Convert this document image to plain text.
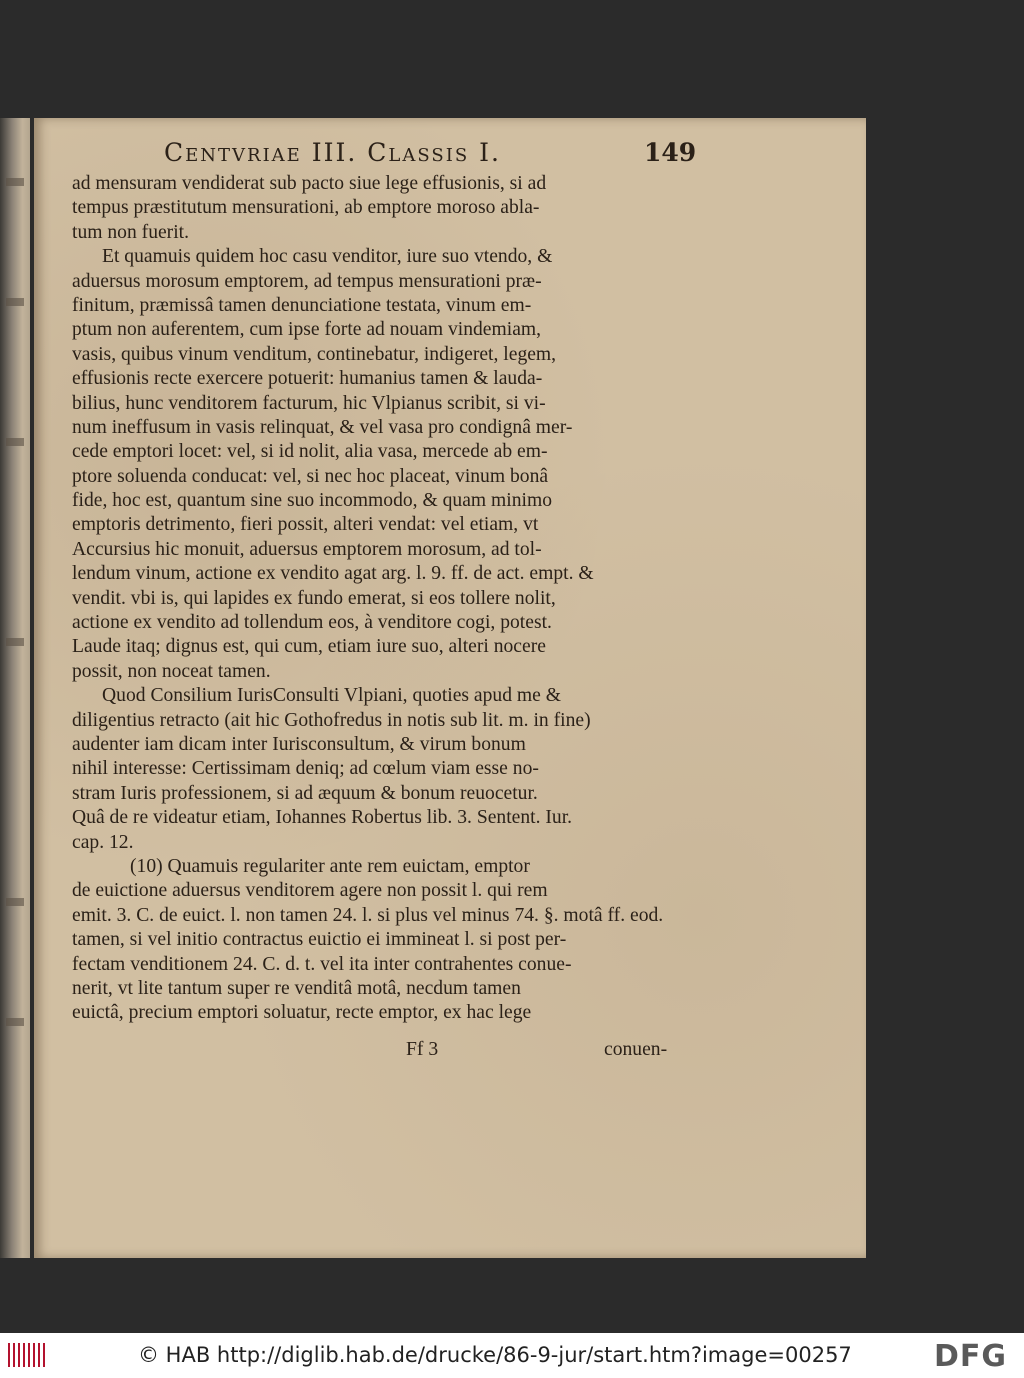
Centvriae III. Classis I.	149
ad mensuram vendiderat sub pacto siue lege effusionis, si ad
tempus præstitutum mensurationi, ab emptore moroso abla-
tum non fuerit.
Et quamuis quidem hoc casu venditor, iure suo vtendo, &
aduersus morosum emptorem, ad tempus mensurationi præ-
finitum, præmissâ tamen denunciatione testata, vinum em-
ptum non auferentem, cum ipse forte ad nouam vindemiam,
vasis, quibus vinum venditum, continebatur, indigeret, legem,
effusionis recte exercere potuerit: humanius tamen & lauda-
bilius, hunc venditorem facturum, hic Vlpianus scribit, si vi-
num ineffusum in vasis relinquat, & vel vasa pro condignâ mer-
cede emptori locet: vel, si id nolit, alia vasa, mercede ab em-
ptore soluenda conducat: vel, si nec hoc placeat, vinum bonâ
fide, hoc est, quantum sine suo incommodo, & quam minimo
emptoris detrimento, fieri possit, alteri vendat: vel etiam, vt
Accursius hic monuit, aduersus emptorem morosum, ad tol-
lendum vinum, actione ex vendito agat arg. l. 9. ff. de act. empt. &
vendit. vbi is, qui lapides ex fundo emerat, si eos tollere nolit,
actione ex vendito ad tollendum eos, à venditore cogi, potest.
Laude itaq; dignus est, qui cum, etiam iure suo, alteri nocere
possit, non noceat tamen.
Quod Consilium IurisConsulti Vlpiani, quoties apud me &
diligentius retracto (ait hic Gothofredus in notis sub lit. m. in fine)
audenter iam dicam inter Iurisconsultum, & virum bonum
nihil interesse: Certissimam deniq; ad cœlum viam esse no-
stram Iuris professionem, si ad æquum & bonum reuocetur.
Quâ de re videatur etiam, Iohannes Robertus lib. 3. Sentent. Iur.
cap. 12.
(10) Quamuis regulariter ante rem euictam, emptor
de euictione aduersus venditorem agere non possit l. qui rem
emit. 3. C. de euict. l. non tamen 24. l. si plus vel minus 74. §. motâ ff. eod.
tamen, si vel initio contractus euictio ei immineat l. si post per-
fectam venditionem 24. C. d. t. vel ita inter contrahentes conue-
nerit, vt lite tantum super re venditâ motâ, necdum tamen
euictâ, precium emptori soluatur, recte emptor, ex hac lege
Ff 3	conuen-
© HAB http://diglib.hab.de/drucke/86-9-jur/start.htm?image=00257	DFG
